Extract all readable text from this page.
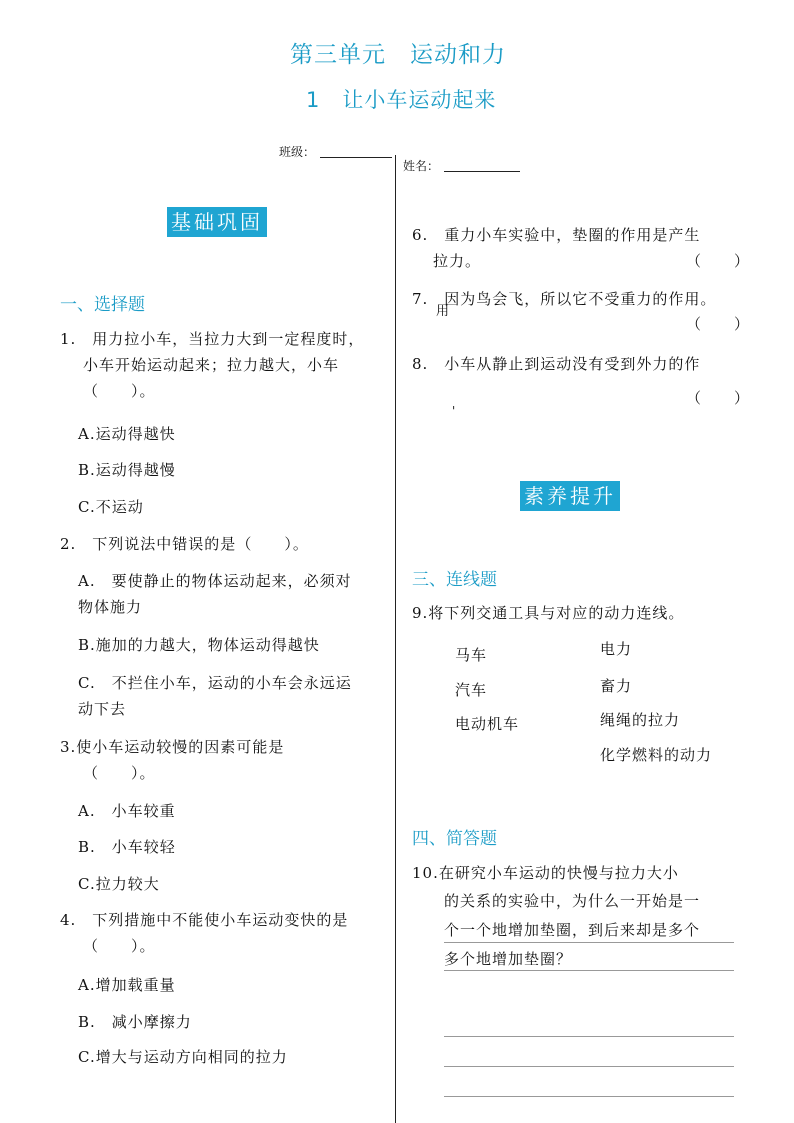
第三单元　运动和力
1　让小车运动起来
班级：
姓名：
基础巩固
一、选择题
1.　用力拉小车，当拉力大到一定程度时，
小车开始运动起来；拉力越大，小车
（　　）。
A.运动得越快
B.运动得越慢
C.不运动
2.　下列说法中错误的是（　　）。
A.　要使静止的物体运动起来，必须对
物体施力
B.施加的力越大，物体运动得越快
C.　不拦住小车，运动的小车会永远运
动下去
3.使小车运动较慢的因素可能是
（　　）。
A.　小车较重
B.　小车较轻
C.拉力较大
4.　下列措施中不能使小车运动变快的是
（　　）。
A.增加载重量
B.　减小摩擦力
C.增大与运动方向相同的拉力
6.　重力小车实验中，垫圈的作用是产生
拉力。	（　　）
7.　因为鸟会飞，所以它不受重力的作用。
用
（　　）
8.　小车从静止到运动没有受到外力的作
'
（　　）
素养提升
三、连线题
9.将下列交通工具与对应的动力连线。
马车
汽车
电动机车
电力
畜力
绳绳的拉力
化学燃料的动力
四、简答题
10.在研究小车运动的快慢与拉力大小
的关系的实验中，为什么一开始是一
个一个地增加垫圈，到后来却是多个
多个地增加垫圈？
